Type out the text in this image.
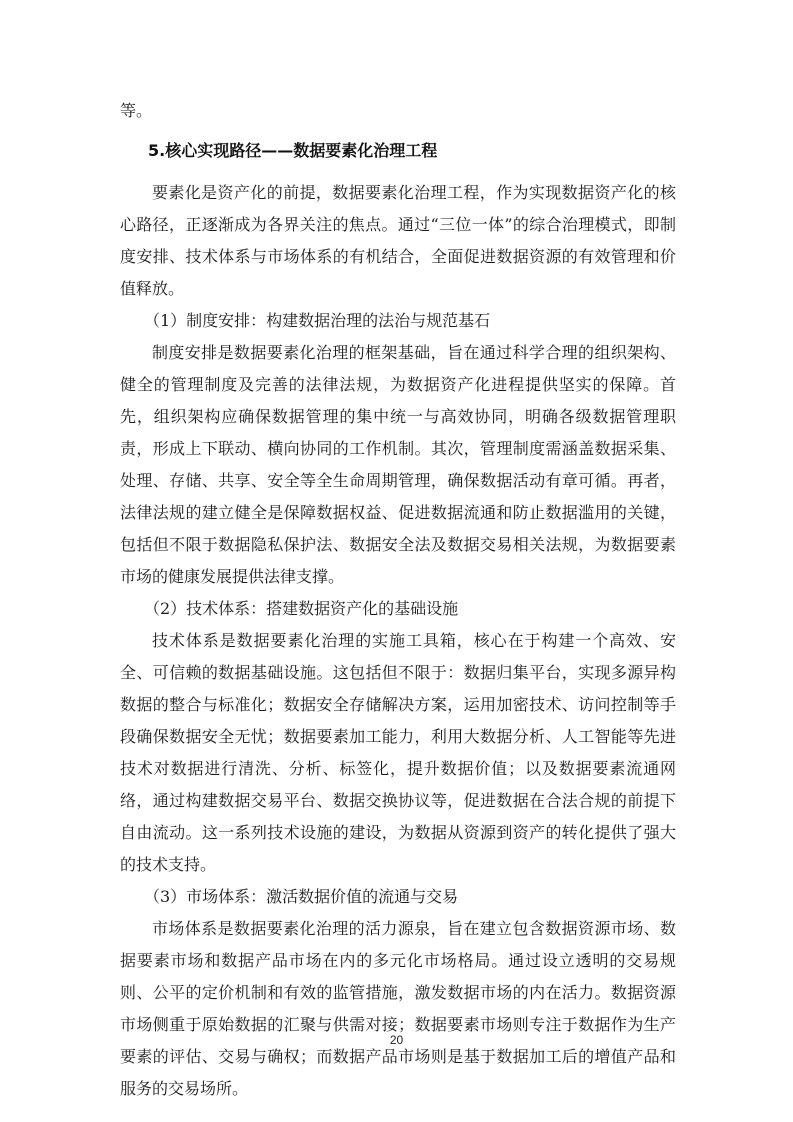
等。

5.核心实现路径——数据要素化治理工程

要素化是资产化的前提，数据要素化治理工程，作为实现数据资产化的核心路径，正逐渐成为各界关注的焦点。通过“三位一体”的综合治理模式，即制度安排、技术体系与市场体系的有机结合，全面促进数据资源的有效管理和价值释放。

（1）制度安排：构建数据治理的法治与规范基石

制度安排是数据要素化治理的框架基础，旨在通过科学合理的组织架构、健全的管理制度及完善的法律法规，为数据资产化进程提供坚实的保障。首先，组织架构应确保数据管理的集中统一与高效协同，明确各级数据管理职责，形成上下联动、横向协同的工作机制。其次，管理制度需涵盖数据采集、处理、存储、共享、安全等全生命周期管理，确保数据活动有章可循。再者，法律法规的建立健全是保障数据权益、促进数据流通和防止数据滥用的关键，包括但不限于数据隐私保护法、数据安全法及数据交易相关法规，为数据要素市场的健康发展提供法律支撑。

（2）技术体系：搭建数据资产化的基础设施

技术体系是数据要素化治理的实施工具箱，核心在于构建一个高效、安全、可信赖的数据基础设施。这包括但不限于：数据归集平台，实现多源异构数据的整合与标准化；数据安全存储解决方案，运用加密技术、访问控制等手段确保数据安全无忧；数据要素加工能力，利用大数据分析、人工智能等先进技术对数据进行清洗、分析、标签化，提升数据价值；以及数据要素流通网络，通过构建数据交易平台、数据交换协议等，促进数据在合法合规的前提下自由流动。这一系列技术设施的建设，为数据从资源到资产的转化提供了强大的技术支持。

（3）市场体系：激活数据价值的流通与交易

市场体系是数据要素化治理的活力源泉，旨在建立包含数据资源市场、数据要素市场和数据产品市场在内的多元化市场格局。通过设立透明的交易规则、公平的定价机制和有效的监管措施，激发数据市场的内在活力。数据资源市场侧重于原始数据的汇聚与供需对接；数据要素市场则专注于数据作为生产要素的评估、交易与确权；而数据产品市场则是基于数据加工后的增值产品和服务的交易场所。

20
